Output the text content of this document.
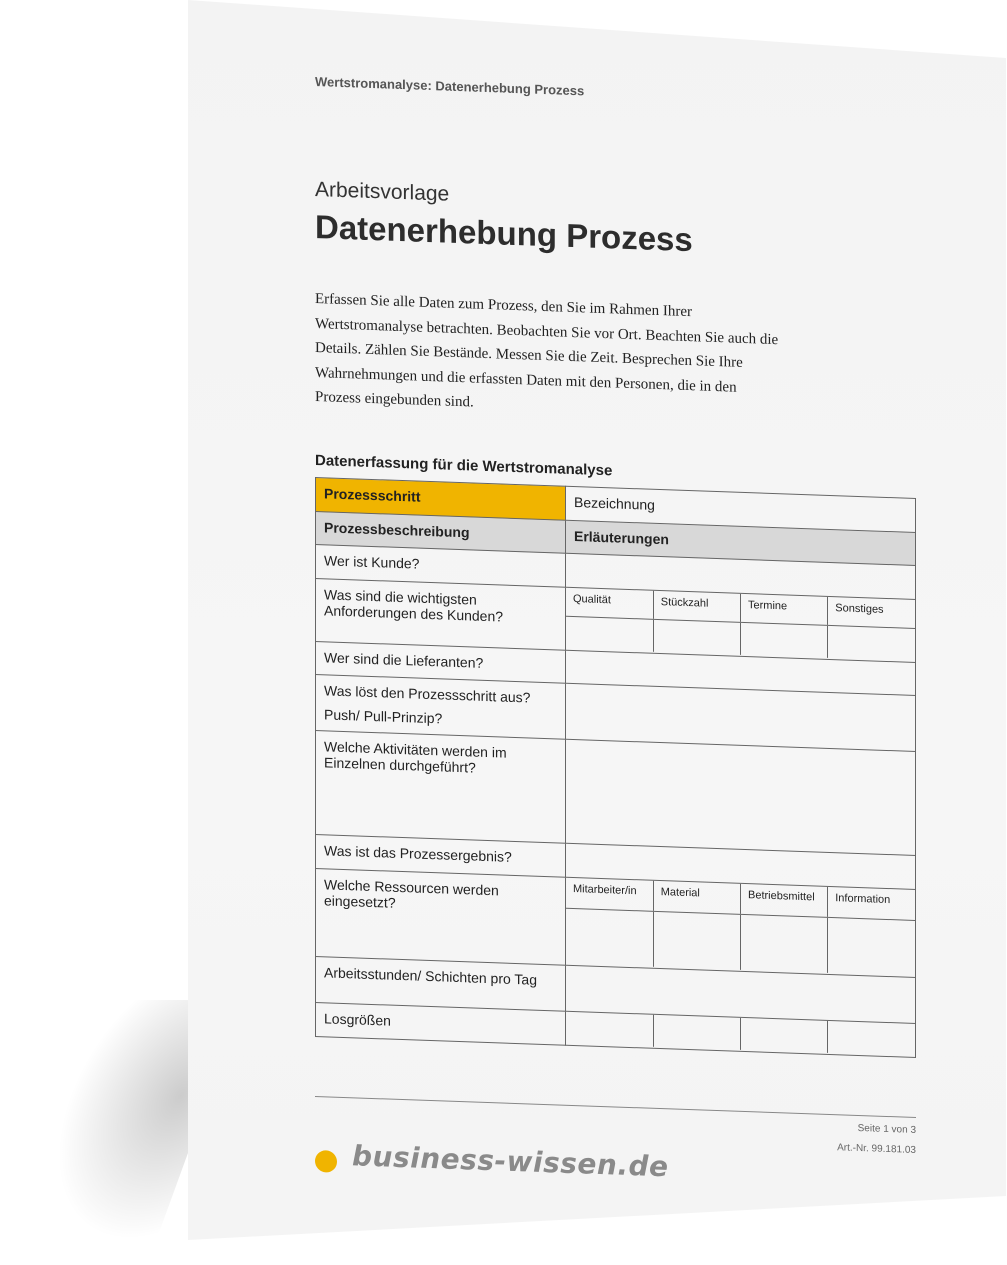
Wertstromanalyse: Datenerhebung Prozess
Arbeitsvorlage
Datenerhebung Prozess
Erfassen Sie alle Daten zum Prozess, den Sie im Rahmen Ihrer Wertstromanalyse betrachten. Beobachten Sie vor Ort. Beachten Sie auch die Details. Zählen Sie Bestände. Messen Sie die Zeit. Besprechen Sie Ihre Wahrnehmungen und die erfassten Daten mit den Personen, die in den Prozess eingebunden sind.
Datenerfassung für die Wertstromanalyse
Prozessschritt	Bezeichnung
Prozessbeschreibung	Erläuterungen
Wer ist Kunde?	
Was sind die wichtigsten Anforderungen des Kunden?	
Qualität	Stückzahl	Termine	Sonstiges

Wer sind die Lieferanten?	

Was löst den Prozessschritt aus?
Push/ Pull-Prinzip?

Welche Aktivitäten werden im Einzelnen durchgeführt?	
Was ist das Prozessergebnis?	
Welche Ressourcen werden eingesetzt?	
Mitarbeiter/in	Material	Betriebsmittel	Information

Arbeitsstunden/ Schichten pro Tag	
Losgrößen	

Seite 1 von 3
Art.-Nr. 99.181.03
business-wissen.de
